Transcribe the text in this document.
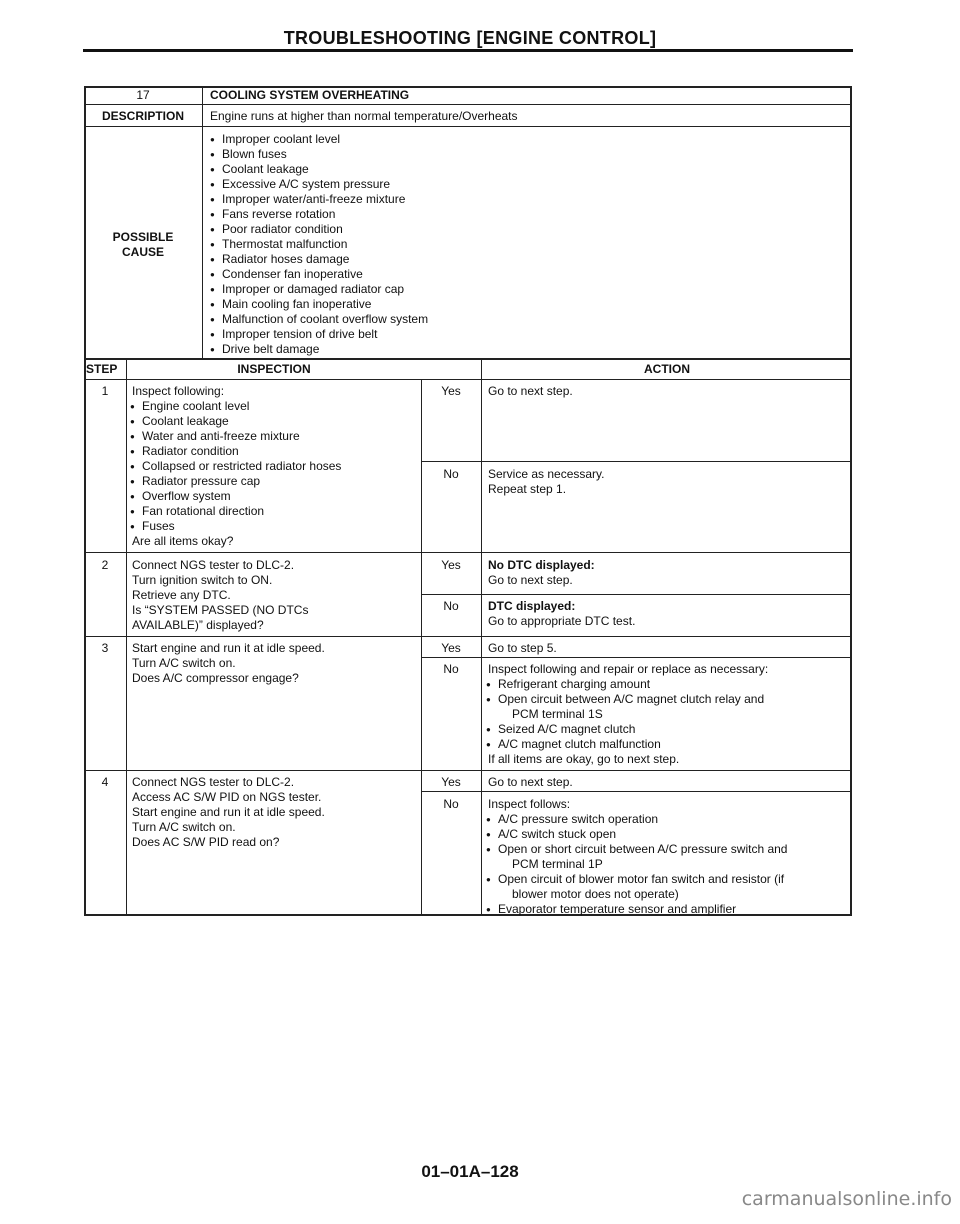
TROUBLESHOOTING [ENGINE CONTROL]
17	COOLING SYSTEM OVERHEATING
DESCRIPTION	Engine runs at higher than normal temperature/Overheats
POSSIBLE
CAUSE
● Improper coolant level
● Blown fuses
● Coolant leakage
● Excessive A/C system pressure
● Improper water/anti-freeze mixture
● Fans reverse rotation
● Poor radiator condition
● Thermostat malfunction
● Radiator hoses damage
● Condenser fan inoperative
● Improper or damaged radiator cap
● Main cooling fan inoperative
● Malfunction of coolant overflow system
● Improper tension of drive belt
● Drive belt damage
STEP	INSPECTION	ACTION
1	Inspect following:
● Engine coolant level
● Coolant leakage
● Water and anti-freeze mixture
● Radiator condition
● Collapsed or restricted radiator hoses
● Radiator pressure cap
● Overflow system
● Fan rotational direction
● Fuses
Are all items okay?
Yes	Go to next step.
No	Service as necessary.
Repeat step 1.
2	Connect NGS tester to DLC-2.
Turn ignition switch to ON.
Retrieve any DTC.
Is “SYSTEM PASSED (NO DTCs
AVAILABLE)” displayed?
Yes	No DTC displayed:
Go to next step.
No	DTC displayed:
Go to appropriate DTC test.
3	Start engine and run it at idle speed.
Turn A/C switch on.
Does A/C compressor engage?
Yes	Go to step 5.
No	Inspect following and repair or replace as necessary:
● Refrigerant charging amount
● Open circuit between A/C magnet clutch relay and
PCM terminal 1S
● Seized A/C magnet clutch
● A/C magnet clutch malfunction
If all items are okay, go to next step.
4	Connect NGS tester to DLC-2.
Access AC S/W PID on NGS tester.
Start engine and run it at idle speed.
Turn A/C switch on.
Does AC S/W PID read on?
Yes	Go to next step.
No	Inspect follows:
● A/C pressure switch operation
● A/C switch stuck open
● Open or short circuit between A/C pressure switch and
PCM terminal 1P
● Open circuit of blower motor fan switch and resistor (if
blower motor does not operate)
● Evaporator temperature sensor and amplifier
01–01A–128
carmanualsonline.info
